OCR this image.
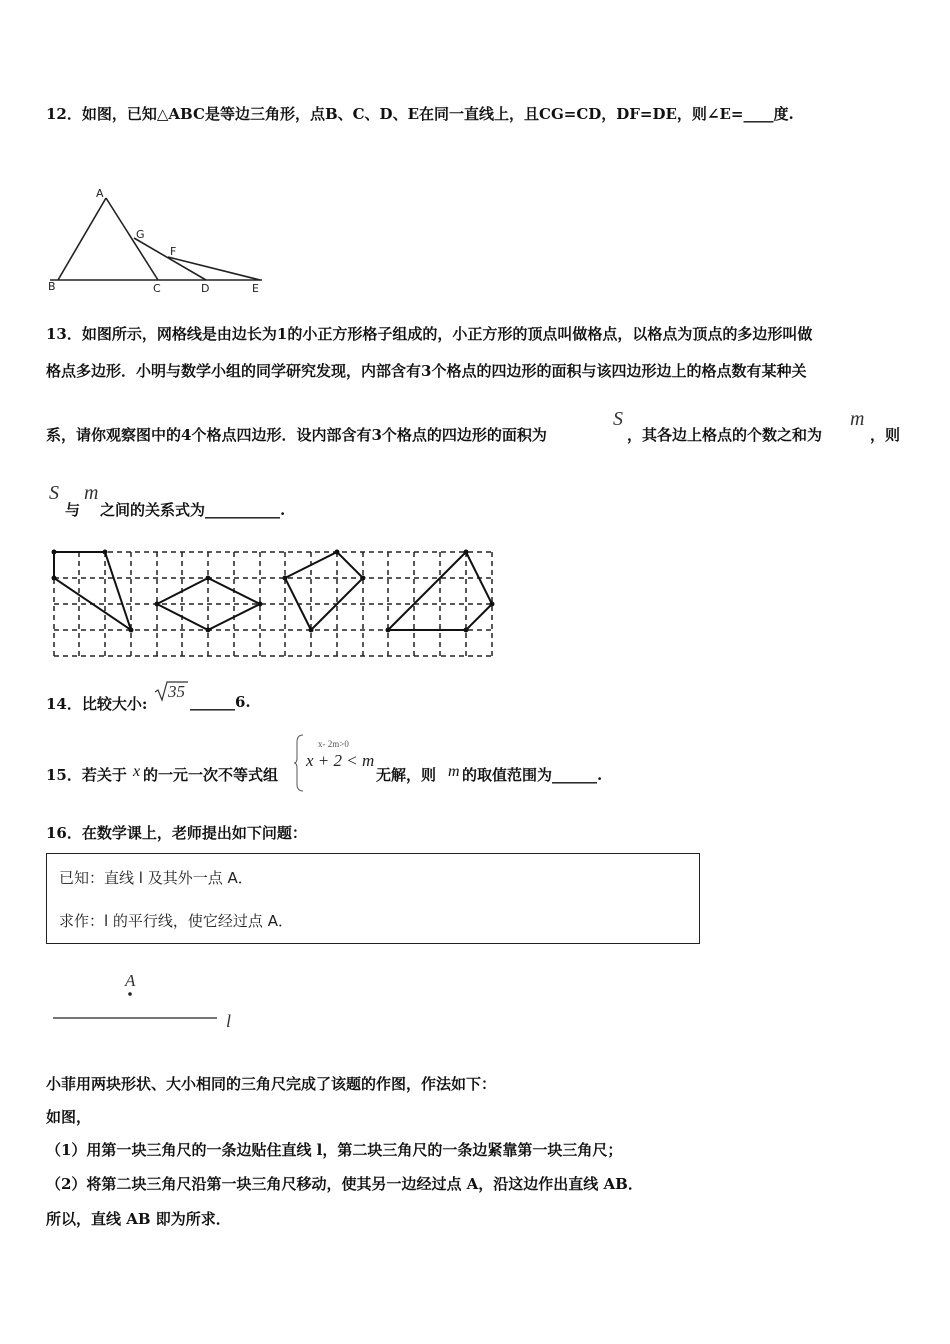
12．如图，已知△ABC是等边三角形，点B、C、D、E在同一直线上，且CG=CD，DF=DE，则∠E=____度.
A
B	C	D	E
G
F
13．如图所示，网格线是由边长为1的小正方形格子组成的，小正方形的顶点叫做格点，以格点为顶点的多边形叫做
格点多边形．小明与数学小组的同学研究发现，内部含有3个格点的四边形的面积与该四边形边上的格点数有某种关
系，请你观察图中的4个格点四边形．设内部含有3个格点的四边形的面积为
S
，其各边上格点的个数之和为
m
，则
S
与
m
之间的关系式为__________.
14．比较大小:
35
______6.
15．若关于 x 的一元一次不等式组
x- 2m>0
x + 2 < m
无解，则 m 的取值范围为______.
16．在数学课上，老师提出如下问题：
已知：直线 l 及其外一点 A．
求作：l 的平行线，使它经过点 A．
A
l
小菲用两块形状、大小相同的三角尺完成了该题的作图，作法如下：
如图，
（1）用第一块三角尺的一条边贴住直线 l，第二块三角尺的一条边紧靠第一块三角尺；
（2）将第二块三角尺沿第一块三角尺移动，使其另一边经过点 A，沿这边作出直线 AB．
所以，直线 AB 即为所求．
